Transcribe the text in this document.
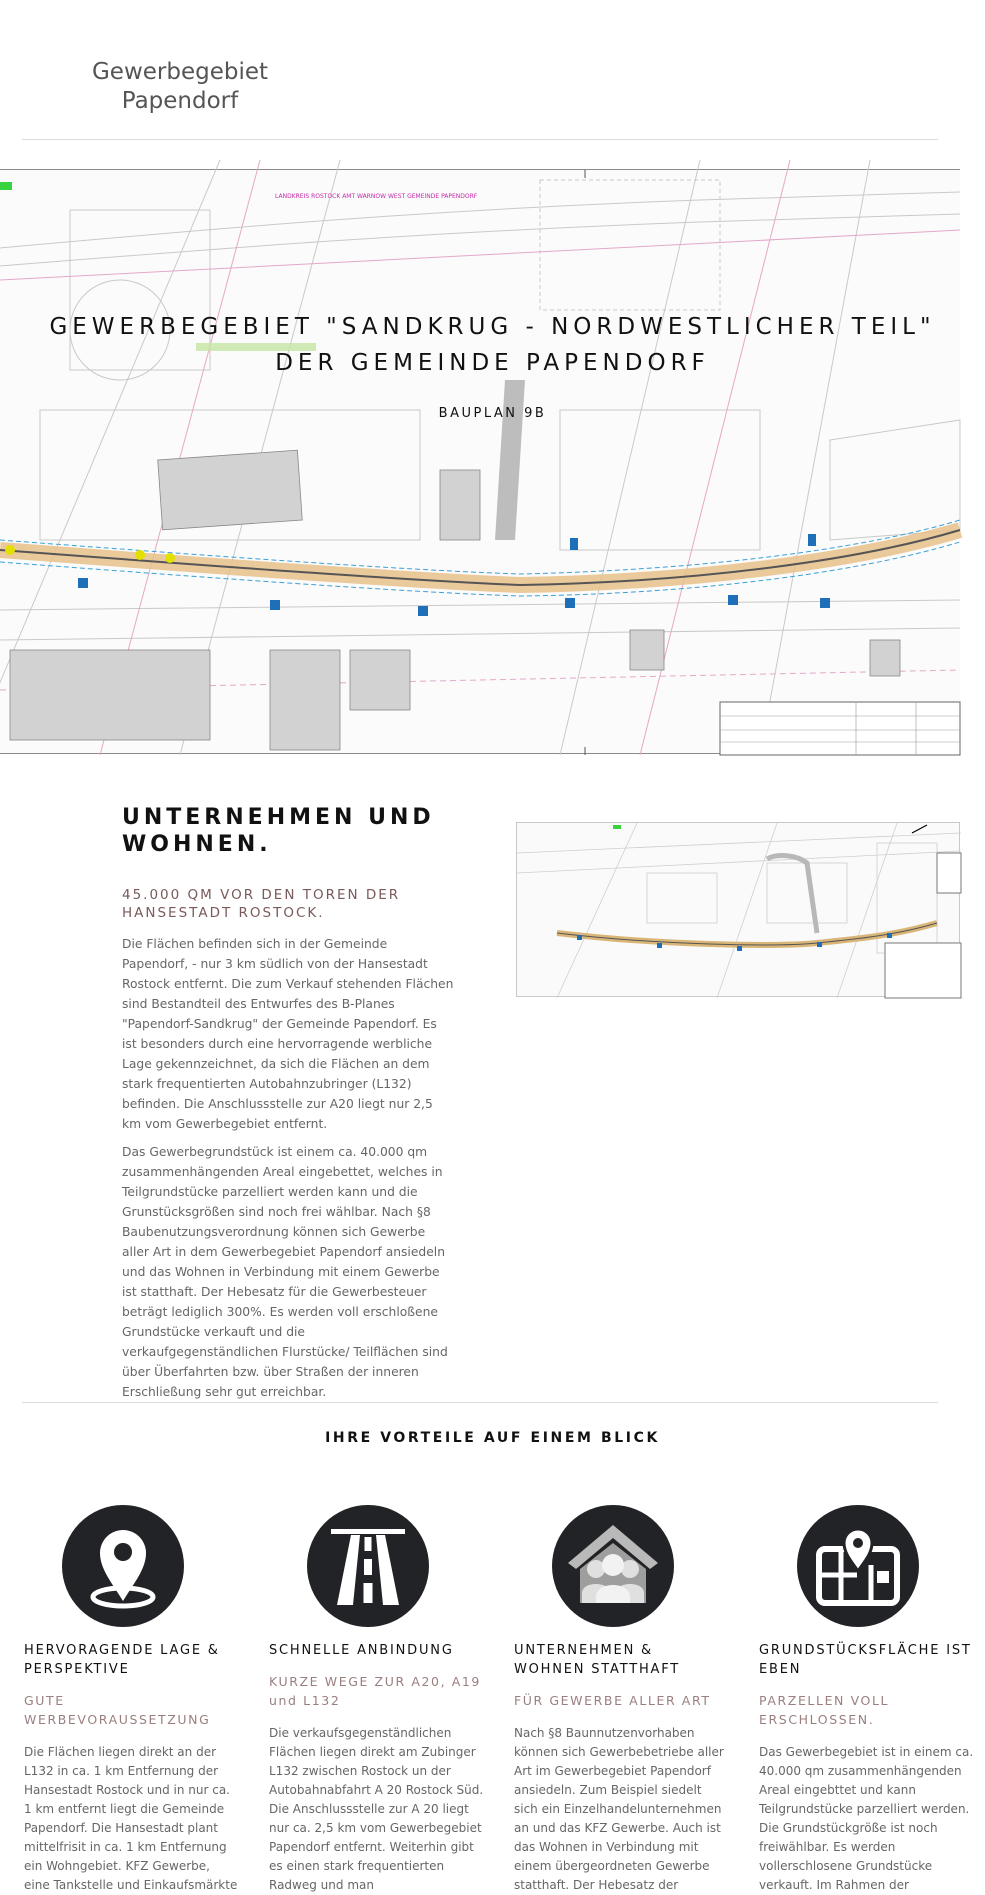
Gewerbegebiet
Papendorf
LANDKREIS ROSTOCK AMT WARNOW WEST GEMEINDE PAPENDORF
GEWERBEGEBIET "SANDKRUG - NORDWESTLICHER TEIL"
DER GEMEINDE PAPENDORF
BAUPLAN 9B
UNTERNEHMEN UND
WOHNEN.
45.000 QM VOR DEN TOREN DER HANSESTADT ROSTOCK.

Die Flächen befinden sich in der Gemeinde Papendorf, - nur 3 km südlich von der Hansestadt Rostock entfernt. Die zum Verkauf stehenden Flächen sind Bestandteil des Entwurfes des B-Planes "Papendorf-Sandkrug" der Gemeinde Papendorf. Es ist besonders durch eine hervorragende werbliche Lage gekennzeichnet, da sich die Flächen an dem stark frequentierten Autobahnzubringer (L132) befinden. Die Anschlussstelle zur A20 liegt nur 2,5 km vom Gewerbegebiet entfernt.

Das Gewerbegrundstück ist einem ca. 40.000 qm zusammenhängenden Areal eingebettet, welches in Teilgrundstücke parzelliert werden kann und die Grunstücksgrößen sind noch frei wählbar. Nach §8 Baubenutzungsverordnung können sich Gewerbe aller Art in dem Gewerbegebiet Papendorf ansiedeln und das Wohnen in Verbindung mit einem Gewerbe ist statthaft. Der Hebesatz für die Gewerbesteuer beträgt lediglich 300%. Es werden voll erschloßene Grundstücke verkauft und die verkaufgegenständlichen Flurstücke/ Teilflächen sind über Überfahrten bzw. über Straßen der inneren Erschließung sehr gut erreichbar.

IHRE VORTEILE AUF EINEM BLICK
HERVORAGENDE LAGE & PERSPEKTIVE
GUTE WERBEVORAUSSETZUNG
Die Flächen liegen direkt an der L132 in ca. 1 km Entfernung der Hansestadt Rostock und in nur ca. 1 km entfernt liegt die Gemeinde Papendorf. Die Hansestadt plant mittelfrisit in ca. 1 km Entfernung ein Wohngebiet. KFZ Gewerbe, eine Tankstelle und Einkaufsmärkte
SCHNELLE ANBINDUNG
KURZE WEGE ZUR A20, A19 und L132
Die verkaufsgegenständlichen Flächen liegen direkt am Zubinger L132 zwischen Rostock un der Autobahnabfahrt A 20 Rostock Süd. Die Anschlussstelle zur A 20 liegt nur ca. 2,5 km vom Gewerbegebiet Papendorf entfernt. Weiterhin gibt es einen stark frequentierten Radweg und man
UNTERNEHMEN & WOHNEN STATTHAFT
FÜR GEWERBE ALLER ART
Nach §8 Baunnutzenvorhaben können sich Gewerbebetriebe aller Art im Gewerbegebiet Papendorf ansiedeln. Zum Beispiel siedelt sich ein Einzelhandelunternehmen an und das KFZ Gewerbe. Auch ist das Wohnen in Verbindung mit einem übergeordneten Gewerbe statthaft. Der Hebesatz der
GRUNDSTÜCKSFLÄCHE IST EBEN
PARZELLEN VOLL ERSCHLOSSEN.
Das Gewerbegebiet ist in einem ca. 40.000 qm zusammenhängenden Areal eingebttet und kann Teilgrundstücke parzelliert werden. Die Grundstückgröße ist noch freiwählbar. Es werden vollerschlosene Grundstücke verkauft. Im Rahmen der
